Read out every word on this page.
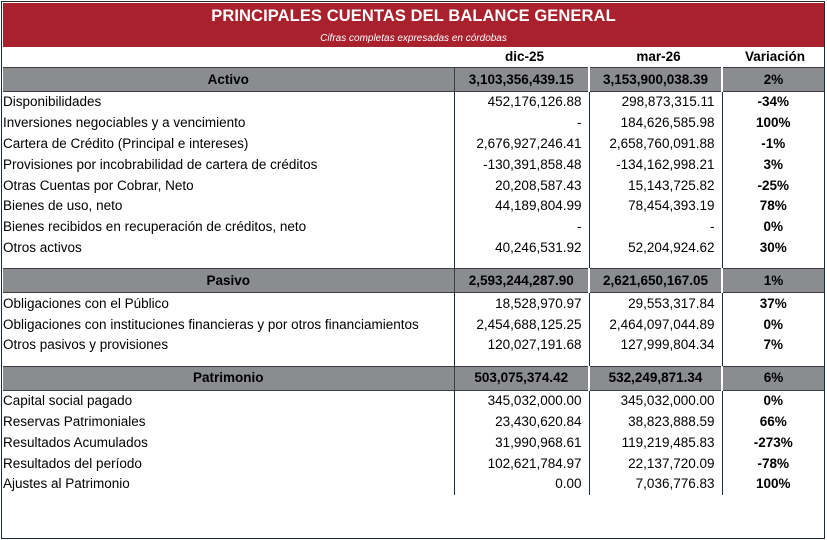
PRINCIPALES CUENTAS DEL BALANCE GENERAL
Cifras completas expresadas en córdobas
dic-25	mar-26	Variación
Activo	3,103,356,439.15	3,153,900,038.39	2%
Disponibilidades	452,176,126.88	298,873,315.11	-34%
Inversiones negociables y a vencimiento	-	184,626,585.98	100%
Cartera de Crédito (Principal e intereses)	2,676,927,246.41	2,658,760,091.88	-1%
Provisiones por incobrabilidad de cartera de créditos	-130,391,858.48	-134,162,998.21	3%
Otras Cuentas por Cobrar, Neto	20,208,587.43	15,143,725.82	-25%
Bienes de uso, neto	44,189,804.99	78,454,393.19	78%
Bienes recibidos en recuperación de créditos, neto	-	-	0%
Otros activos	40,246,531.92	52,204,924.62	30%

Pasivo	2,593,244,287.90	2,621,650,167.05	1%
Obligaciones con el Público	18,528,970.97	29,553,317.84	37%
Obligaciones con instituciones financieras y por otros financiamientos	2,454,688,125.25	2,464,097,044.89	0%
Otros pasivos y provisiones	120,027,191.68	127,999,804.34	7%

Patrimonio	503,075,374.42	532,249,871.34	6%
Capital social pagado	345,032,000.00	345,032,000.00	0%
Reservas Patrimoniales	23,430,620.84	38,823,888.59	66%
Resultados Acumulados	31,990,968.61	119,219,485.83	-273%
Resultados del período	102,621,784.97	22,137,720.09	-78%
Ajustes al Patrimonio	0.00	7,036,776.83	100%
